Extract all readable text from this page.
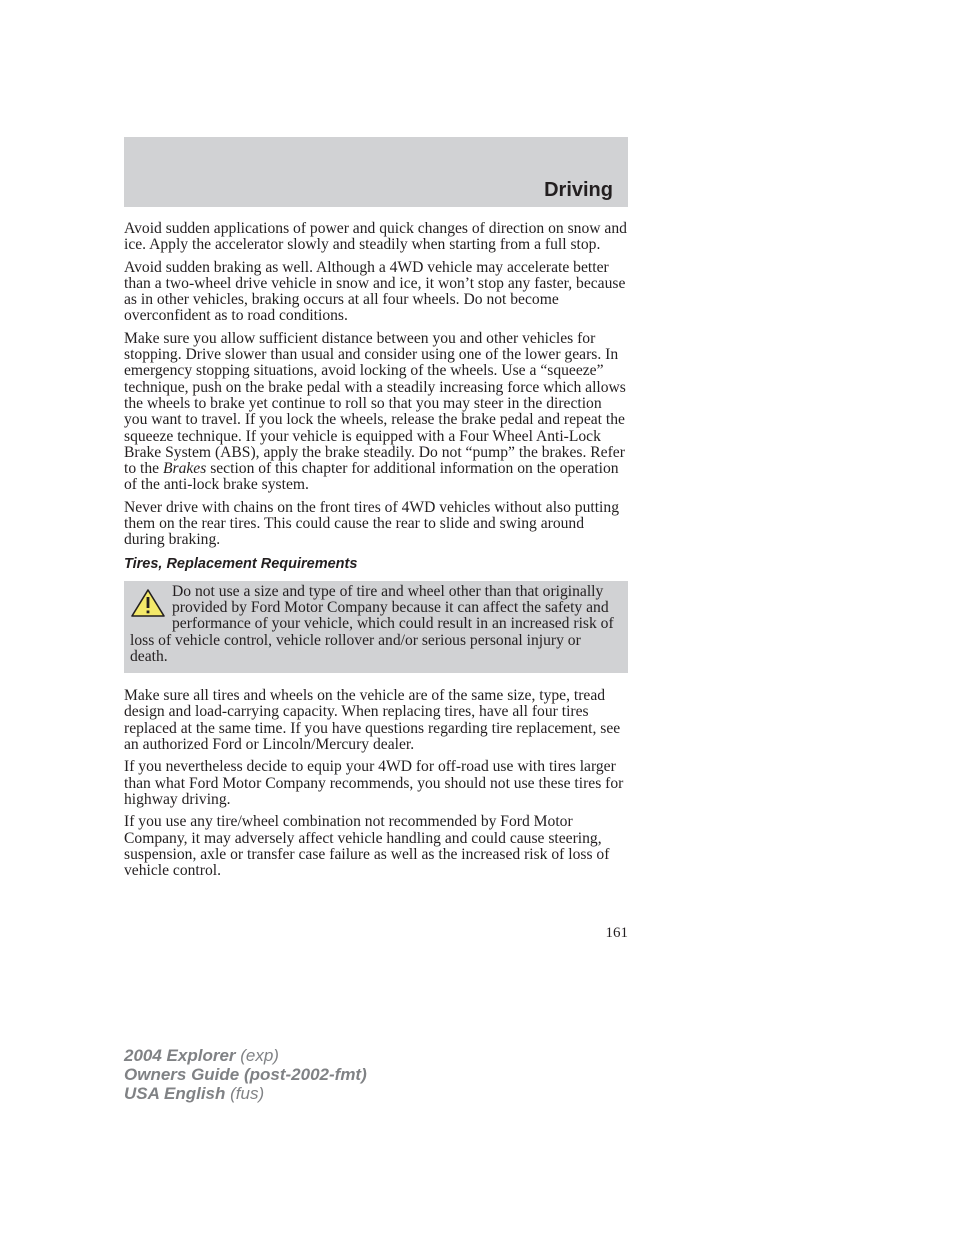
Driving

Avoid sudden applications of power and quick changes of direction on snow and ice. Apply the accelerator slowly and steadily when starting from a full stop.

Avoid sudden braking as well. Although a 4WD vehicle may accelerate better than a two-wheel drive vehicle in snow and ice, it won’t stop any faster, because as in other vehicles, braking occurs at all four wheels. Do not become overconfident as to road conditions.

Make sure you allow sufficient distance between you and other vehicles for stopping. Drive slower than usual and consider using one of the lower gears. In emergency stopping situations, avoid locking of the wheels. Use a “squeeze” technique, push on the brake pedal with a steadily increasing force which allows the wheels to brake yet continue to roll so that you may steer in the direction you want to travel. If you lock the wheels, release the brake pedal and repeat the squeeze technique. If your vehicle is equipped with a Four Wheel Anti-Lock Brake System (ABS), apply the brake steadily. Do not “pump” the brakes. Refer to the Brakes section of this chapter for additional information on the operation of the anti-lock brake system.

Never drive with chains on the front tires of 4WD vehicles without also putting them on the rear tires. This could cause the rear to slide and swing around during braking.

Tires, Replacement Requirements

Do not use a size and type of tire and wheel other than that originally provided by Ford Motor Company because it can affect the safety and performance of your vehicle, which could result in an increased risk of loss of vehicle control, vehicle rollover and/or serious personal injury or death.

Make sure all tires and wheels on the vehicle are of the same size, type, tread design and load-carrying capacity. When replacing tires, have all four tires replaced at the same time. If you have questions regarding tire replacement, see an authorized Ford or Lincoln/Mercury dealer.

If you nevertheless decide to equip your 4WD for off-road use with tires larger than what Ford Motor Company recommends, you should not use these tires for highway driving.

If you use any tire/wheel combination not recommended by Ford Motor Company, it may adversely affect vehicle handling and could cause steering, suspension, axle or transfer case failure as well as the increased risk of loss of vehicle control.

161
2004 Explorer (exp)
Owners Guide (post-2002-fmt)
USA English (fus)
